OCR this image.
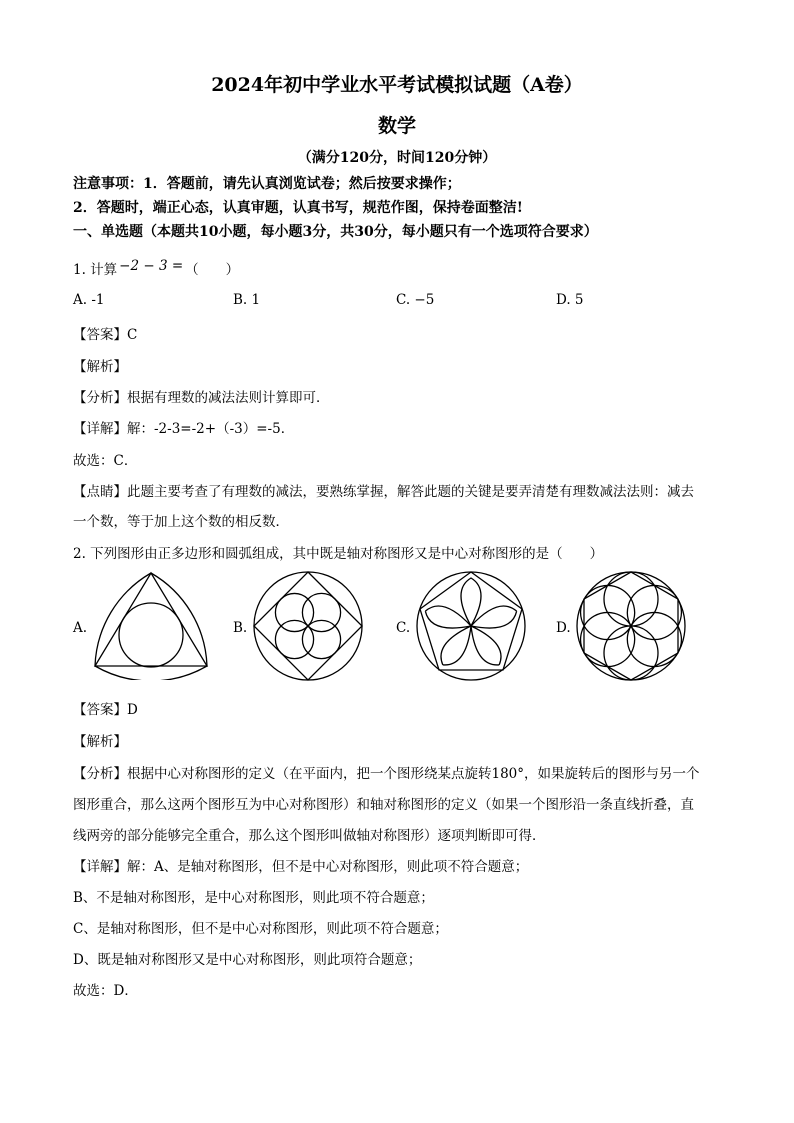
2024年初中学业水平考试模拟试题（A卷）
数学
（满分120分，时间120分钟）
注意事项：1．答题前，请先认真浏览试卷；然后按要求操作；
2．答题时，端正心态，认真审题，认真书写，规范作图，保持卷面整洁!
一、单选题（本题共10小题，每小题3分，共30分，每小题只有一个选项符合要求）
1. 计算 −2 − 3 = （　　）
A. -1	B. 1	C. −5	D. 5
【答案】C
【解析】
【分析】根据有理数的减法法则计算即可．
【详解】解：-2-3=-2+（-3）=-5．
故选：C．
【点睛】此题主要考查了有理数的减法，要熟练掌握，解答此题的关键是要弄清楚有理数减法法则：减去
一个数，等于加上这个数的相反数．
2. 下列图形由正多边形和圆弧组成，其中既是轴对称图形又是中心对称图形的是（　　）
A.	B.	C.	D.
【答案】D
【解析】
【分析】根据中心对称图形的定义（在平面内，把一个图形绕某点旋转180°，如果旋转后的图形与另一个
图形重合，那么这两个图形互为中心对称图形）和轴对称图形的定义（如果一个图形沿一条直线折叠，直
线两旁的部分能够完全重合，那么这个图形叫做轴对称图形）逐项判断即可得．
【详解】解：A、是轴对称图形，但不是中心对称图形，则此项不符合题意；
B、不是轴对称图形，是中心对称图形，则此项不符合题意；
C、是轴对称图形，但不是中心对称图形，则此项不符合题意；
D、既是轴对称图形又是中心对称图形，则此项符合题意；
故选：D．
